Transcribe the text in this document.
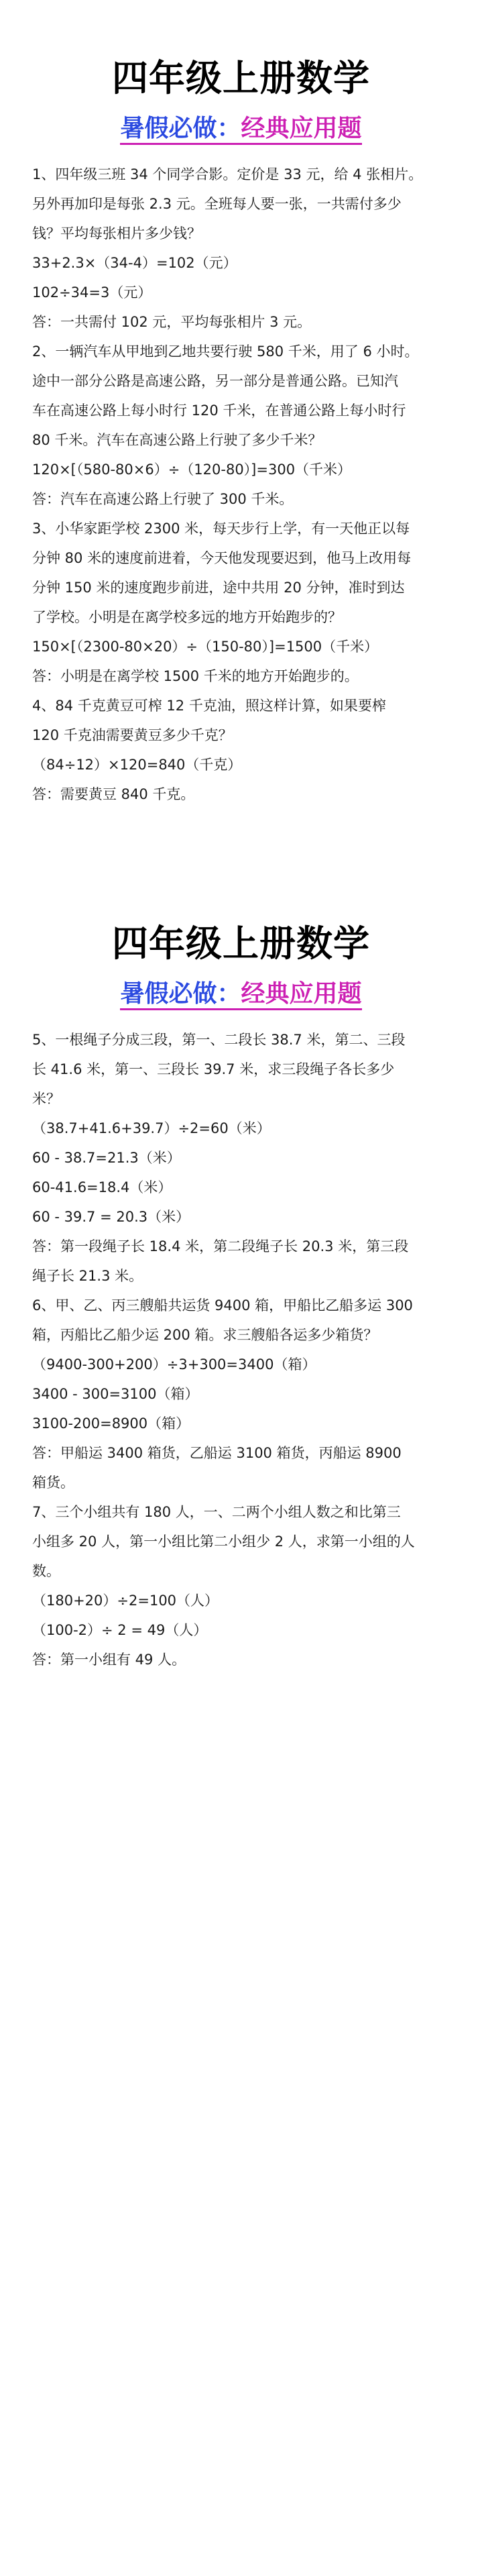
四年级上册数学
暑假必做：经典应用题

1、四年级三班 34 个同学合影。定价是 33 元，给 4 张相片。

另外再加印是每张 2.3 元。全班每人要一张，一共需付多少

钱？平均每张相片多少钱？

33+2.3×（34-4）=102（元）

102÷34=3（元）

答：一共需付 102 元，平均每张相片 3 元。

2、一辆汽车从甲地到乙地共要行驶 580 千米，用了 6 小时。

途中一部分公路是高速公路，另一部分是普通公路。已知汽

车在高速公路上每小时行 120 千米，在普通公路上每小时行

80 千米。汽车在高速公路上行驶了多少千米？

120×[（580-80×6）÷（120-80）]=300（千米）

答：汽车在高速公路上行驶了 300 千米。

3、小华家距学校 2300 米，每天步行上学，有一天他正以每

分钟 80 米的速度前进着，今天他发现要迟到，他马上改用每

分钟 150 米的速度跑步前进，途中共用 20 分钟，准时到达

了学校。小明是在离学校多远的地方开始跑步的？

150×[（2300-80×20）÷（150-80）]=1500（千米）

答：小明是在离学校 1500 千米的地方开始跑步的。

4、84 千克黄豆可榨 12 千克油，照这样计算，如果要榨

120 千克油需要黄豆多少千克？

（84÷12）×120=840（千克）

答：需要黄豆 840 千克。

四年级上册数学
暑假必做：经典应用题

5、一根绳子分成三段，第一、二段长 38.7 米，第二、三段

长 41.6 米，第一、三段长 39.7 米，求三段绳子各长多少

米？

（38.7+41.6+39.7）÷2=60（米）

60 - 38.7=21.3（米）

60-41.6=18.4（米）

60 - 39.7 = 20.3（米）

答：第一段绳子长 18.4 米，第二段绳子长 20.3 米，第三段

绳子长 21.3 米。

6、甲、乙、丙三艘船共运货 9400 箱，甲船比乙船多运 300

箱，丙船比乙船少运 200 箱。求三艘船各运多少箱货？

（9400-300+200）÷3+300=3400（箱）

3400 - 300=3100（箱）

3100-200=8900（箱）

答：甲船运 3400 箱货，乙船运 3100 箱货，丙船运 8900

箱货。

7、三个小组共有 180 人，一、二两个小组人数之和比第三

小组多 20 人，第一小组比第二小组少 2 人，求第一小组的人

数。

（180+20）÷2=100（人）

（100-2）÷ 2 = 49（人）

答：第一小组有 49 人。
